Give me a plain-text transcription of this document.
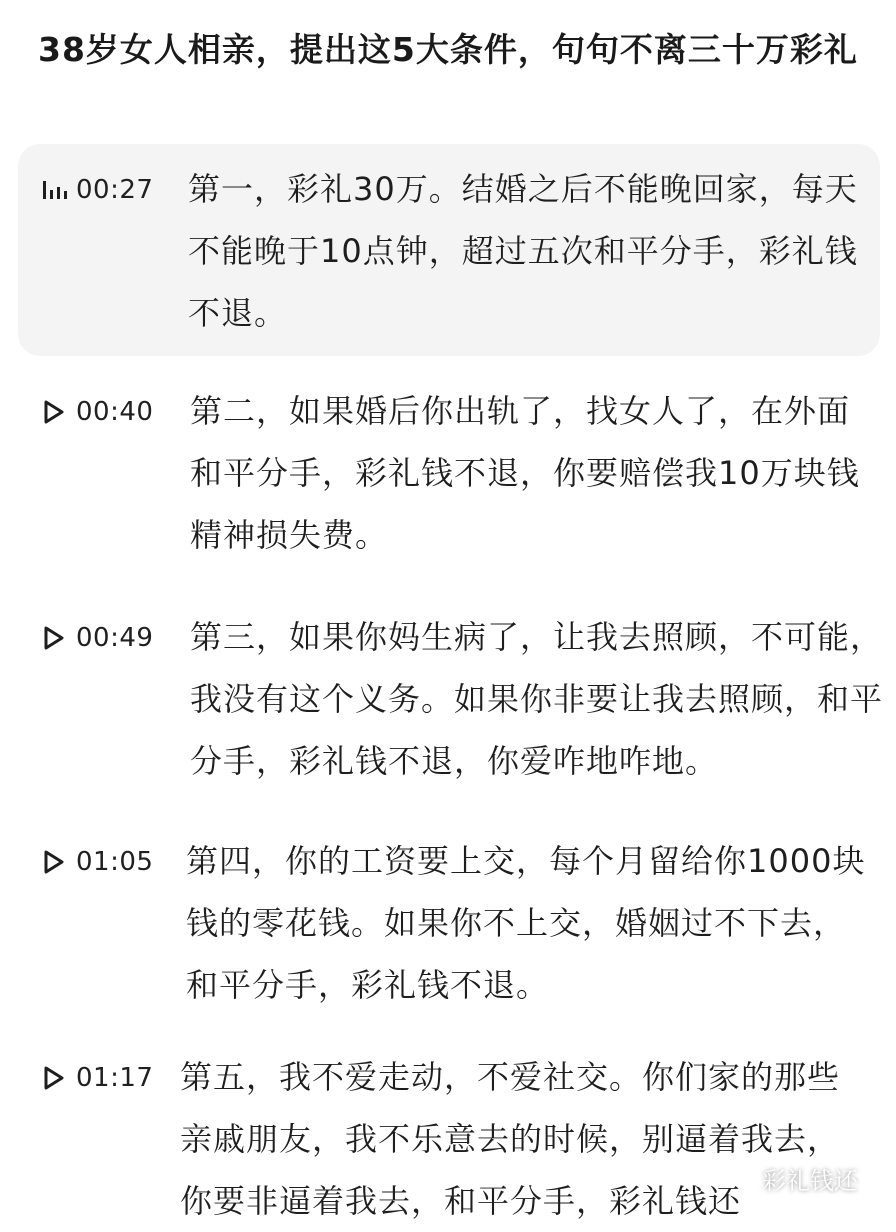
38岁女人相亲，提出这5大条件，句句不离三十万彩礼
00:27 第一，彩礼30万。结婚之后不能晚回家，每天不能晚于10点钟，超过五次和平分手，彩礼钱不退。
00:40 第二，如果婚后你出轨了，找女人了，在外面和平分手，彩礼钱不退，你要赔偿我10万块钱精神损失费。
00:49 第三，如果你妈生病了，让我去照顾，不可能，我没有这个义务。如果你非要让我去照顾，和平分手，彩礼钱不退，你爱咋地咋地。
01:05 第四，你的工资要上交，每个月留给你1000块钱的零花钱。如果你不上交，婚姻过不下去，和平分手，彩礼钱不退。
01:17 第五，我不爱走动，不爱社交。你们家的那些亲戚朋友，我不乐意去的时候，别逼着我去，你要非逼着我去，和平分手，彩礼钱还
彩礼钱还
